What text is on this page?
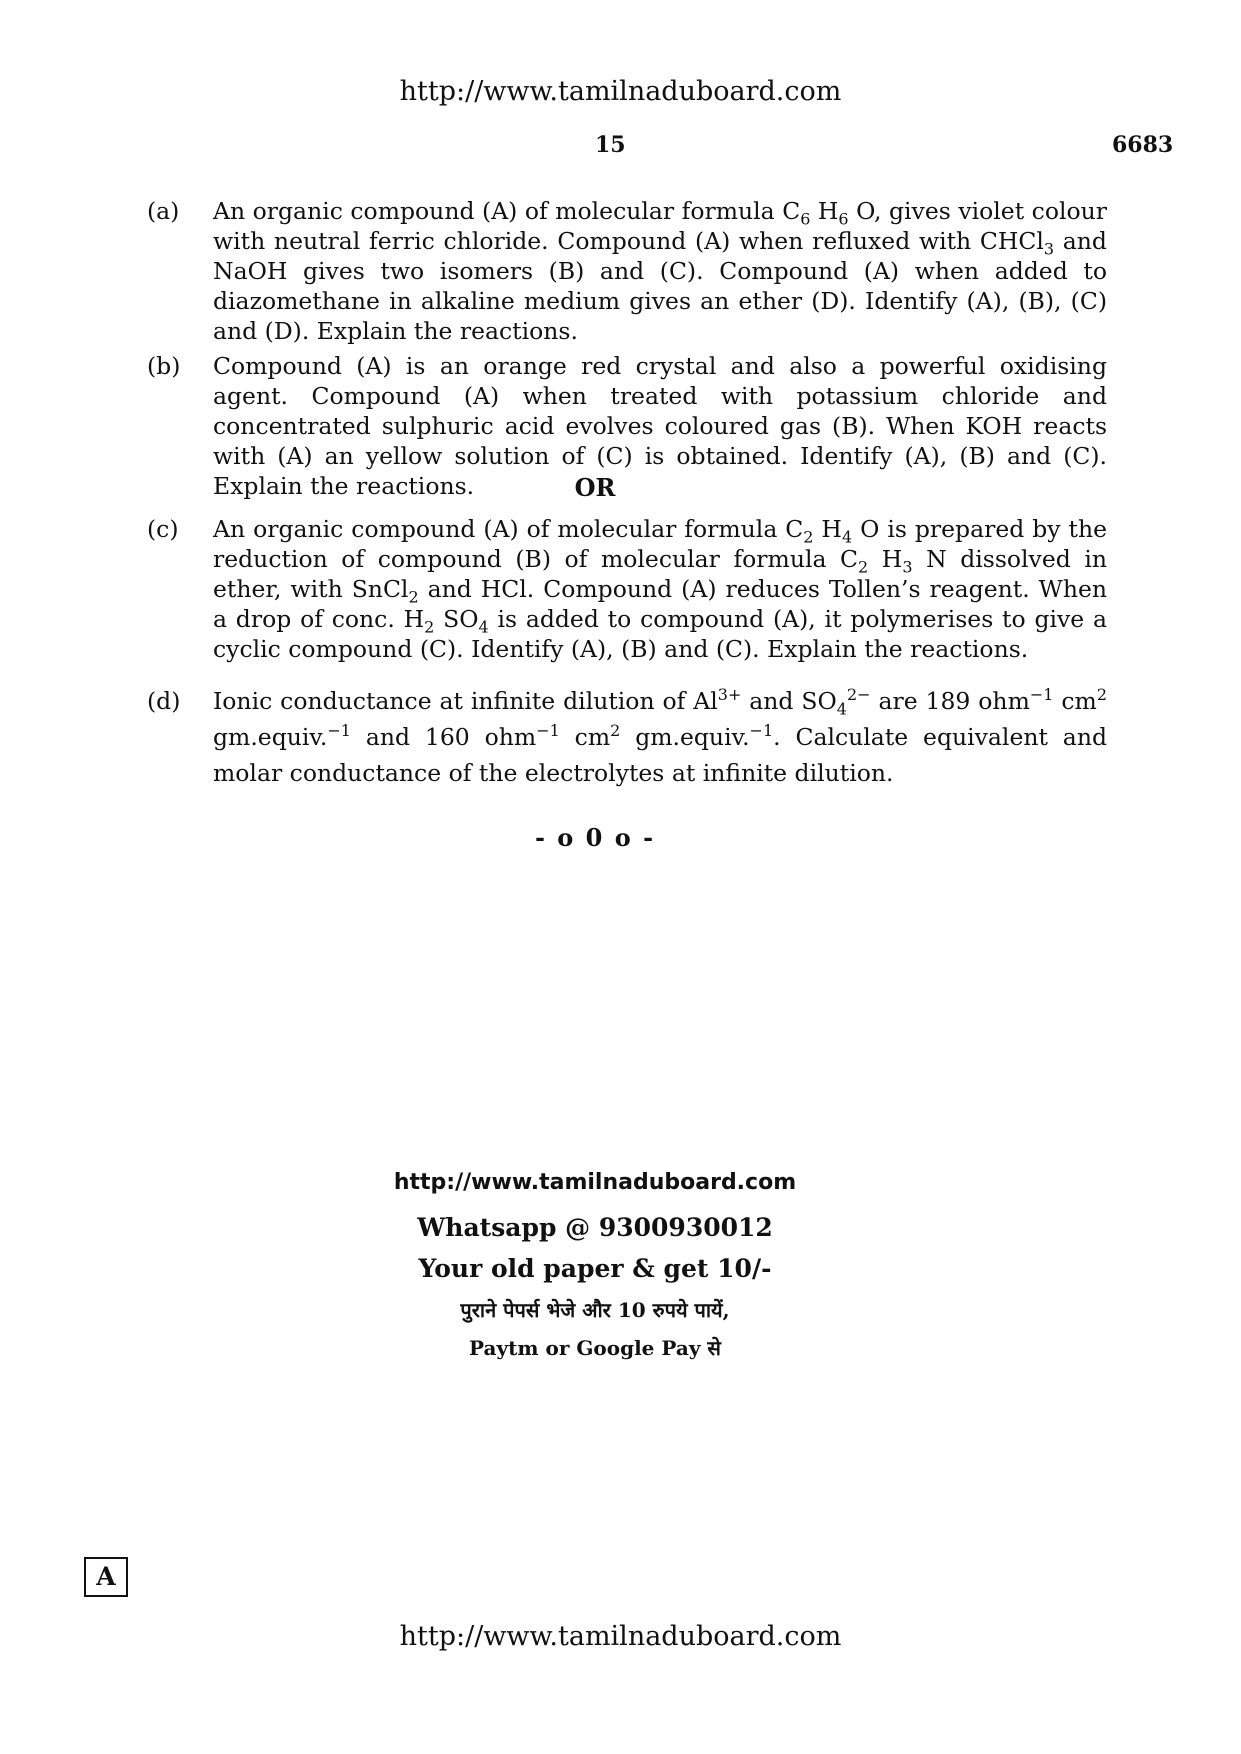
http://www.tamilnaduboard.com
15	6683
(a)	An organic compound (A) of molecular formula $C_6$ $H_6$ O, gives violet colour with neutral ferric chloride. Compound (A) when refluxed with CHCl$_3$ and NaOH gives two isomers (B) and (C). Compound (A) when added to diazomethane in alkaline medium gives an ether (D). Identify (A), (B), (C) and (D). Explain the reactions.
(b)	Compound (A) is an orange red crystal and also a powerful oxidising agent. Compound (A) when treated with potassium chloride and concentrated sulphuric acid evolves coloured gas (B). When KOH reacts with (A) an yellow solution of (C) is obtained. Identify (A), (B) and (C). Explain the reactions.	OR
(c)	An organic compound (A) of molecular formula $C_2$ $H_4$ O is prepared by the reduction of compound (B) of molecular formula $C_2$ $H_3$ N dissolved in ether, with SnCl$_2$ and HCl. Compound (A) reduces Tollen’s reagent. When a drop of conc. $H_2$ $SO_4$ is added to compound (A), it polymerises to give a cyclic compound (C). Identify (A), (B) and (C). Explain the reactions.
(d)	Ionic conductance at infinite dilution of $Al^{3+}$ and $SO_4^{2-}$ are 189 ohm$^{-1}$ $cm^2$ gm.equiv.$^{-1}$ and 160 ohm$^{-1}$ $cm^2$ gm.equiv.$^{-1}$. Calculate equivalent and molar conductance of the electrolytes at infinite dilution.
- o 0 o -
http://www.tamilnaduboard.com
Whatsapp @ 9300930012
Your old paper & get 10/-
पुराने पेपर्स भेजे और 10 रुपये पायें,
Paytm or Google Pay से
A
http://www.tamilnaduboard.com
